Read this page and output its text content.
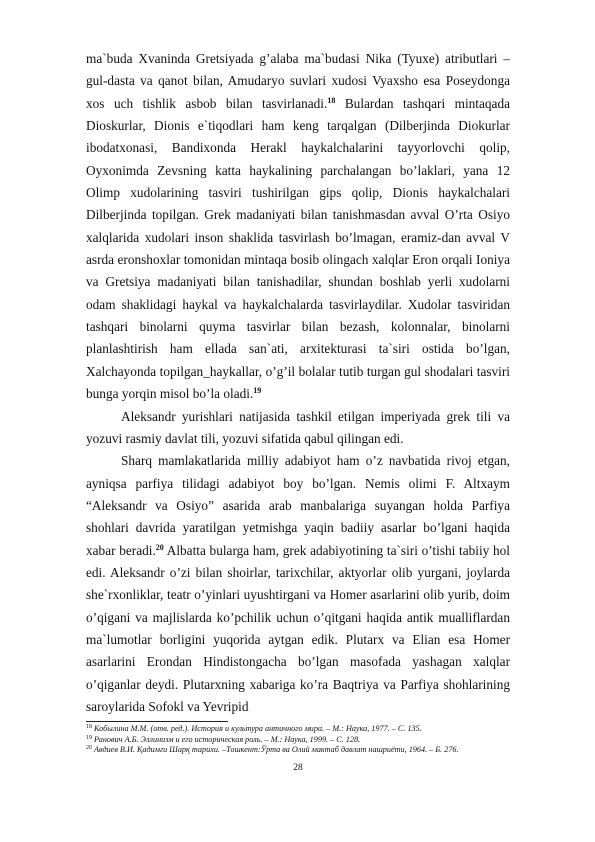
ma`buda Xvaninda Gretsiyada g’alaba ma`budasi Nika (Tyuxe) atributlari – gul-dasta va qanot bilan, Amudaryo suvlari xudosi Vyaxsho esa Poseydonga xos uch tishlik asbob bilan tasvirlanadi.$^{18}$ Bulardan tashqari mintaqada Dioskurlar, Dionis e`tiqodlari ham keng tarqalgan (Dilberjinda Diokurlar ibodatxonasi, Bandixonda Herakl haykalchalarini tayyorlovchi qolip, Oyxonimda Zevsning katta haykalining parchalangan bo’laklari, yana 12 Olimp xudolarining tasviri tushirilgan gips qolip, Dionis haykalchalari Dilberjinda topilgan. Grek madaniyati bilan tanishmasdan avval O’rta Osiyo xalqlarida xudolari inson shaklida tasvirlash bo’lmagan, eramiz-dan avval V asrda eronshoxlar tomonidan mintaqa bosib olingach xalqlar Eron orqali Ioniya va Gretsiya madaniyati bilan tanishadilar, shundan boshlab yerli xudolarni odam shaklidagi haykal va haykalchalarda tasvirlaydilar. Xudolar tasviridan tashqari binolarni quyma tasvirlar bilan bezash, kolonnalar, binolarni planlashtirish ham ellada san`ati, arxitekturasi ta`siri ostida bo’lgan, Xalchayonda topilgan_haykallar, o’g’il bolalar tutib turgan gul shodalari tasviri bunga yorqin misol bo’la oladi.$^{19}$

Aleksandr yurishlari natijasida tashkil etilgan imperiyada grek tili va yozuvi rasmiy davlat tili, yozuvi sifatida qabul qilingan edi.

Sharq mamlakatlarida milliy adabiyot ham o’z navbatida rivoj etgan, ayniqsa parfiya tilidagi adabiyot boy bo’lgan. Nemis olimi F. Altxaym “Aleksandr va Osiyo” asarida arab manbalariga suyangan holda Parfiya shohlari davrida yaratilgan yetmishga yaqin badiiy asarlar bo’lgani haqida xabar beradi.$^{20}$ Albatta bularga ham, grek adabiyotining ta`siri o’tishi tabiiy hol edi. Aleksandr o’zi bilan shoirlar, tarixchilar, aktyorlar olib yurgani, joylarda she`rxonliklar, teatr o’yinlari uyushtirgani va Homer asarlarini olib yurib, doim o’qigani va majlislarda ko’pchilik uchun o’qitgani haqida antik mualliflardan ma`lumotlar borligini yuqorida aytgan edik. Plutarx va Elian esa Homer asarlarini Erondan Hindistongacha bo’lgan masofada yashagan xalqlar o’qiganlar deydi. Plutarxning xabariga ko’ra Baqtriya va Parfiya shohlarining saroylarida Sofokl va Yevripid

$^{18}$ Кобылина М.М. (отв. ред.). История и культура античного мира. – М.: Наука, 1977. – С. 135.

$^{19}$ Ранович А.Б. Эллинизм и его историческая роль. – М.: Наука, 1999. – С. 128.

$^{20}$ Авдиев В.И. Қадимги Шарқ тарихи. –Тошкент:Ўрта ва Олий мактаб давлат нашриёти, 1964. – Б. 276.

28
